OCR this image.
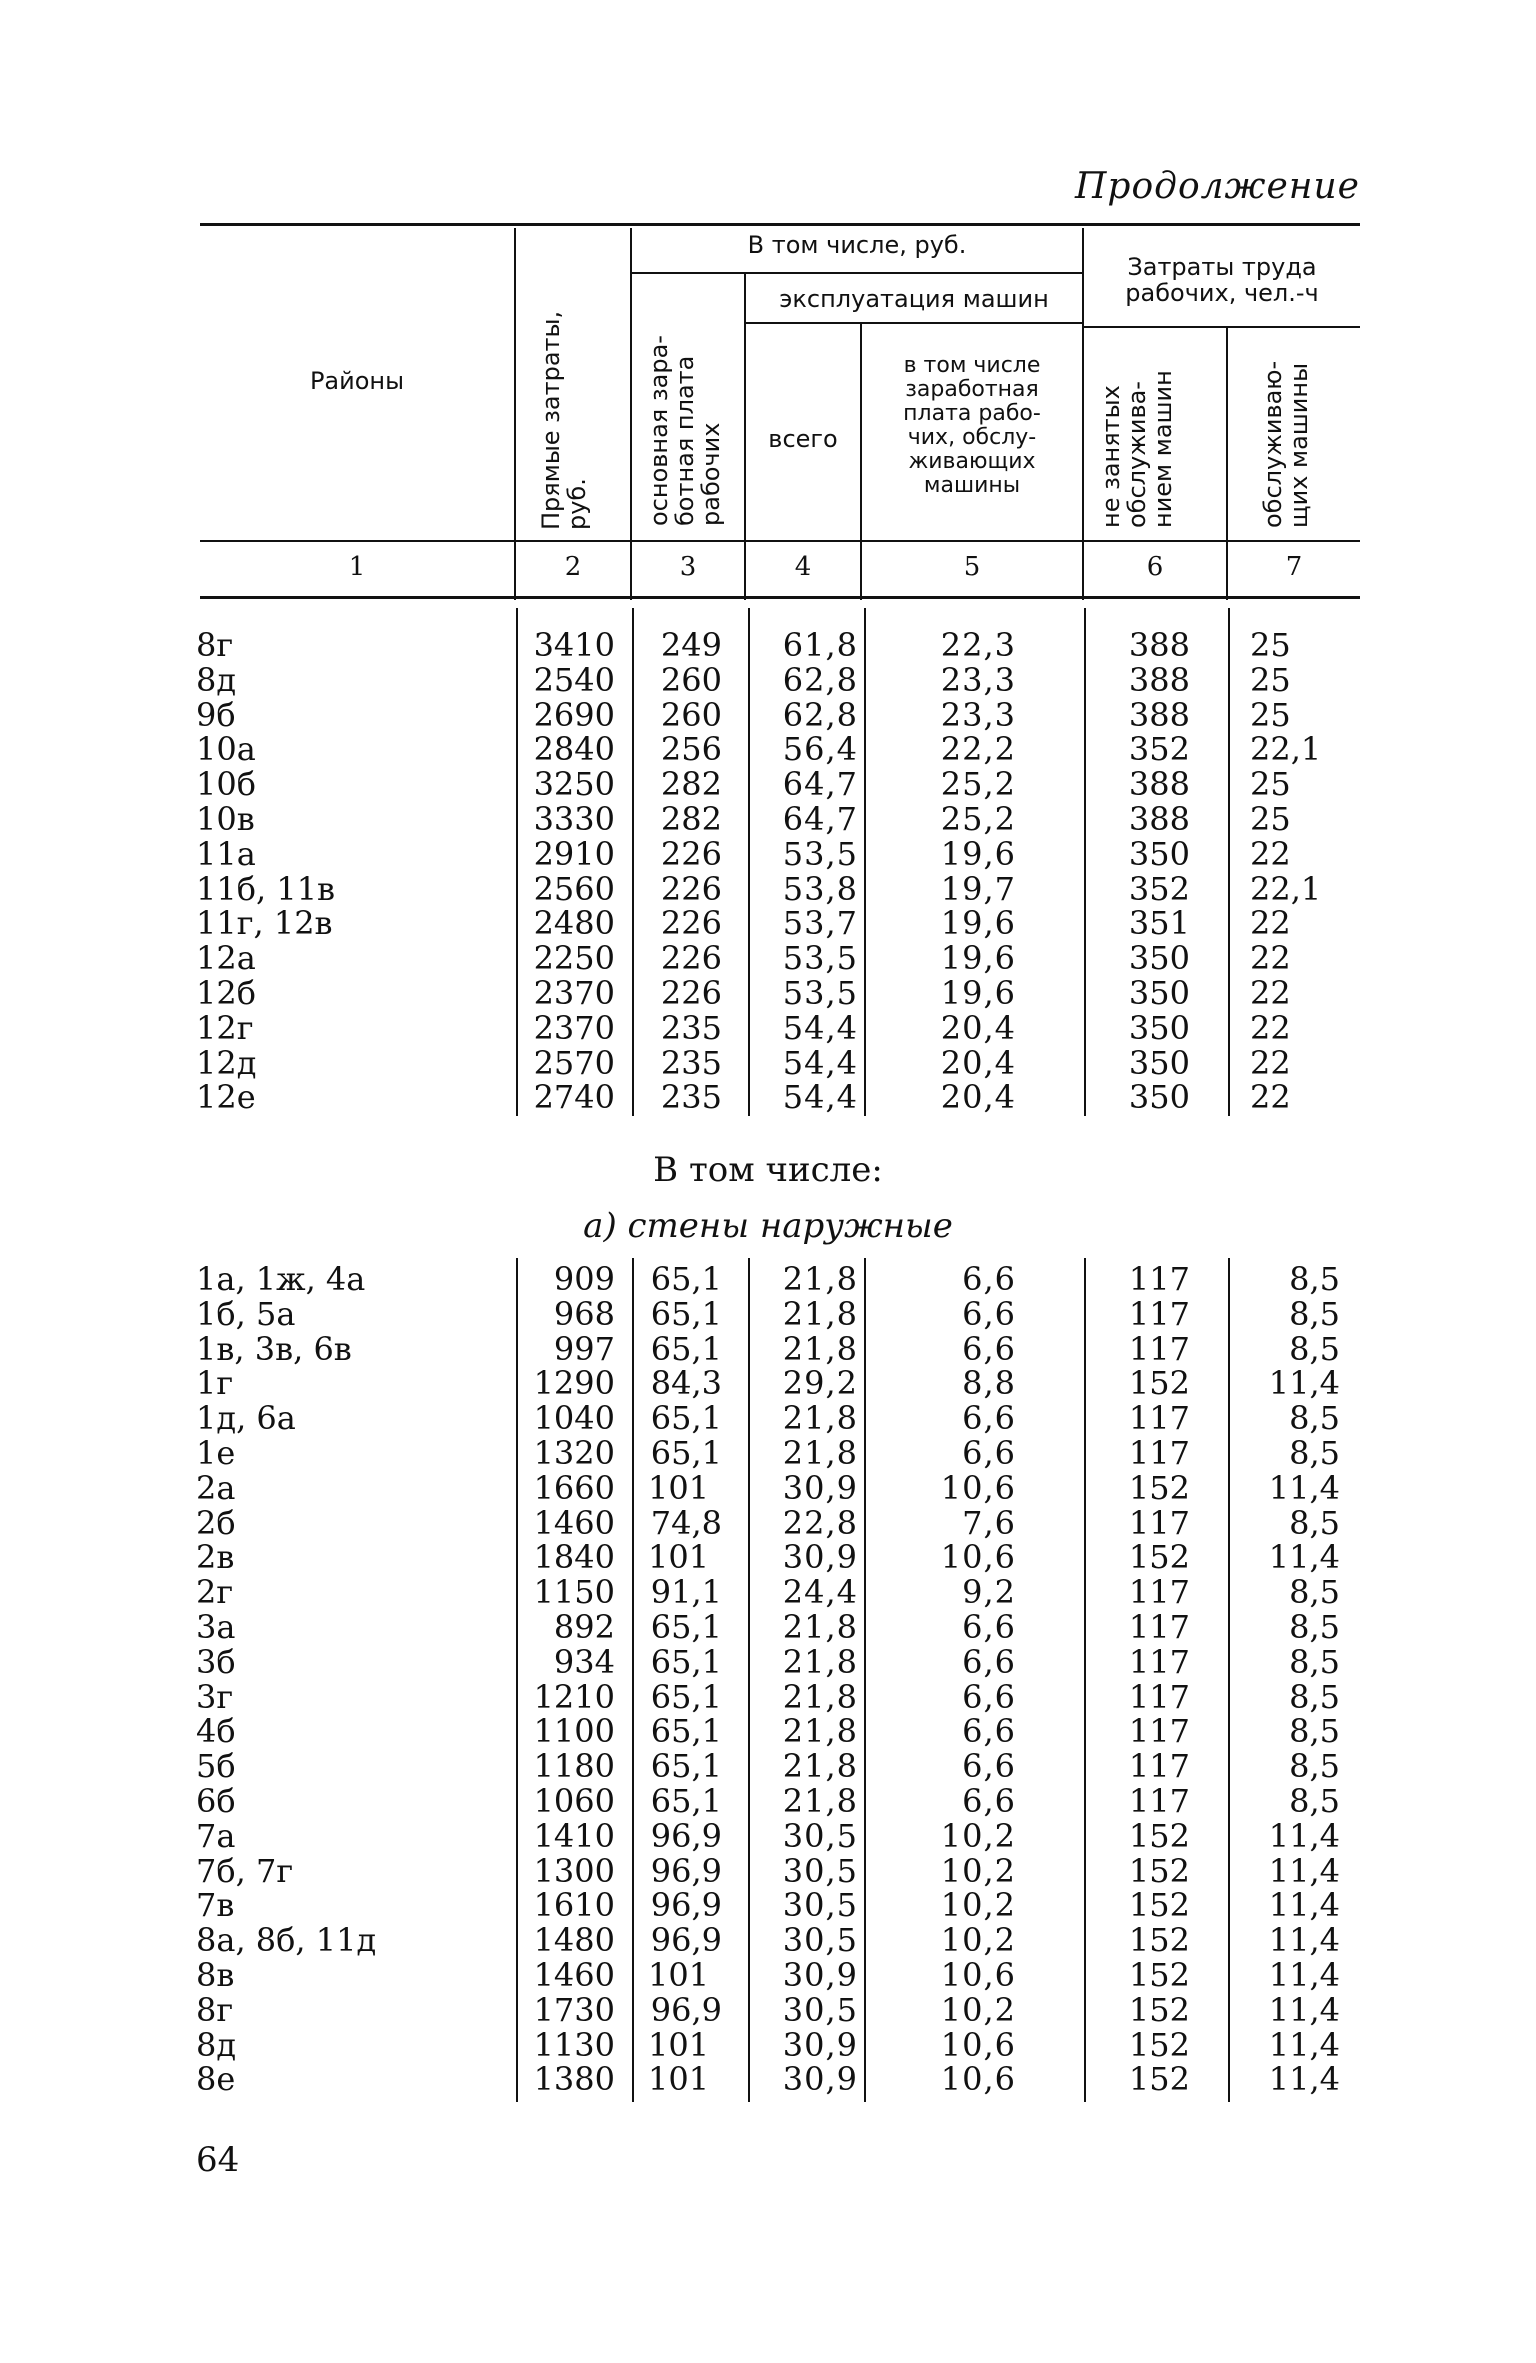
Продолжение
Районы	Прямые затраты,
руб.
В том числе, руб.
основная зара-
ботная плата
рабочих
эксплуатация машин
всего
в том числе
заработная
плата рабо-
чих, обслу-
живающих
машины
Затраты труда
рабочих, чел.-ч
не занятых
обслужива-
нием машин	обслуживаю-
щих машины
1	2	3	4	5	6	7
8г	3410	249	61,8	22,3	388 25
8д	2540	260	62,8	23,3	388 25
9б	2690	260	62,8	23,3	388 25
10а	2840	256	56,4	22,2	352 22,1
10б	3250	282	64,7	25,2	388 25
10в	3330	282	64,7	25,2	388 25
11а	2910	226	53,5	19,6	350 22
11б, 11в	2560	226	53,8	19,7	352 22,1
11г, 12в	2480	226	53,7	19,6	351 22
12а	2250	226	53,5	19,6	350 22
12б	2370	226	53,5	19,6	350 22
12г	2370	235	54,4	20,4	350 22
12д	2570	235	54,4	20,4	350 22
12е	2740	235	54,4	20,4	350 22
В том числе:
а) стены наружные
1а, 1ж, 4а	909	65,1	21,8	6,6	117	8,5
1б, 5а	968	65,1	21,8	6,6	117	8,5
1в, 3в, 6в	997	65,1	21,8	6,6	117	8,5
1г	1290	84,3	29,2	8,8	152	11,4
1д, 6а	1040	65,1	21,8	6,6	117	8,5
1е	1320	65,1	21,8	6,6	117	8,5
2а	1660 101	30,9	10,6	152	11,4
2б	1460	74,8	22,8	7,6	117	8,5
2в	1840 101	30,9	10,6	152	11,4
2г	1150	91,1	24,4	9,2	117	8,5
3а	892	65,1	21,8	6,6	117	8,5
3б	934	65,1	21,8	6,6	117	8,5
3г	1210	65,1	21,8	6,6	117	8,5
4б	1100	65,1	21,8	6,6	117	8,5
5б	1180	65,1	21,8	6,6	117	8,5
6б	1060	65,1	21,8	6,6	117	8,5
7а	1410	96,9	30,5	10,2	152	11,4
7б, 7г	1300	96,9	30,5	10,2	152	11,4
7в	1610	96,9	30,5	10,2	152	11,4
8а, 8б, 11д	1480	96,9	30,5	10,2	152	11,4
8в	1460 101	30,9	10,6	152	11,4
8г	1730	96,9	30,5	10,2	152	11,4
8д	1130 101	30,9	10,6	152	11,4
8е	1380 101	30,9	10,6	152	11,4
64
